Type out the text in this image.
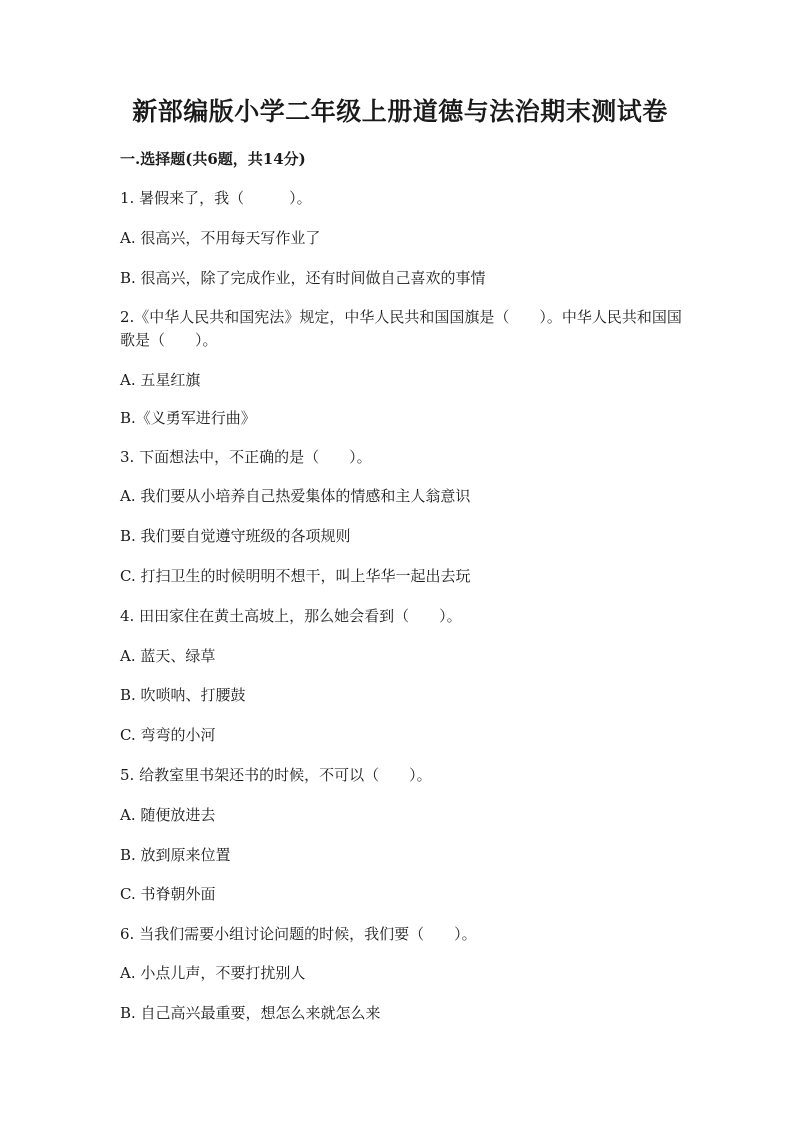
新部编版小学二年级上册道德与法治期末测试卷
一.选择题(共6题，共14分)

1. 暑假来了，我（　　　）。

A. 很高兴，不用每天写作业了

B. 很高兴，除了完成作业，还有时间做自己喜欢的事情

2.《中华人民共和国宪法》规定，中华人民共和国国旗是（　　）。中华人民共和国国歌是（　　）。

A. 五星红旗

B.《义勇军进行曲》

3. 下面想法中，不正确的是（　　）。

A. 我们要从小培养自己热爱集体的情感和主人翁意识

B. 我们要自觉遵守班级的各项规则

C. 打扫卫生的时候明明不想干，叫上华华一起出去玩

4. 田田家住在黄土高坡上，那么她会看到（　　）。

A. 蓝天、绿草

B. 吹唢呐、打腰鼓

C. 弯弯的小河

5. 给教室里书架还书的时候，不可以（　　）。

A. 随便放进去

B. 放到原来位置

C. 书脊朝外面

6. 当我们需要小组讨论问题的时候，我们要（　　）。

A. 小点儿声，不要打扰别人

B. 自己高兴最重要，想怎么来就怎么来
